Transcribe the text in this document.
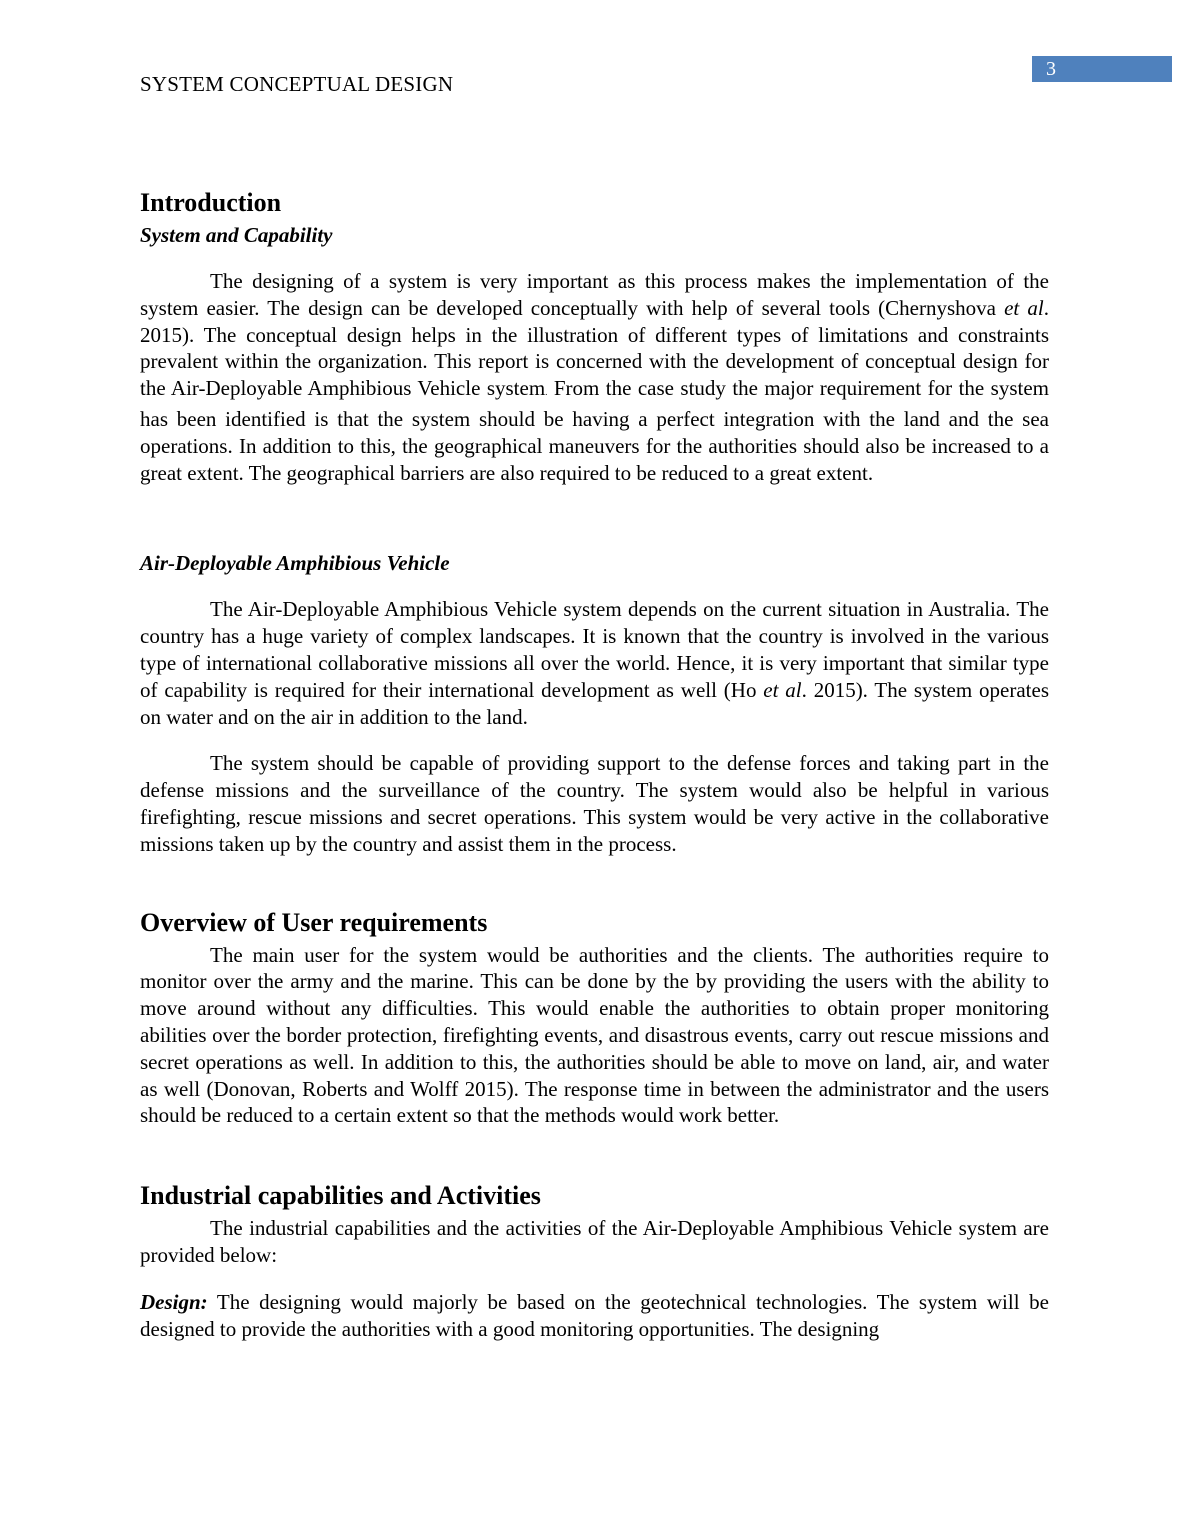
3
SYSTEM CONCEPTUAL DESIGN
Introduction
System and Capability

The designing of a system is very important as this process makes the implementation of the system easier. The design can be developed conceptually with help of several tools (Chernyshova et al. 2015). The conceptual design helps in the illustration of different types of limitations and constraints prevalent within the organization. This report is concerned with the development of conceptual design for the Air-Deployable Amphibious Vehicle system. From the case study the major requirement for the system has been identified is that the system should be having a perfect integration with the land and the sea operations. In addition to this, the geographical maneuvers for the authorities should also be increased to a great extent. The geographical barriers are also required to be reduced to a great extent.

Air-Deployable Amphibious Vehicle

The Air-Deployable Amphibious Vehicle system depends on the current situation in Australia. The country has a huge variety of complex landscapes. It is known that the country is involved in the various type of international collaborative missions all over the world. Hence, it is very important that similar type of capability is required for their international development as well (Ho et al. 2015). The system operates on water and on the air in addition to the land.

The system should be capable of providing support to the defense forces and taking part in the defense missions and the surveillance of the country. The system would also be helpful in various firefighting, rescue missions and secret operations. This system would be very active in the collaborative missions taken up by the country and assist them in the process.

Overview of User requirements

The main user for the system would be authorities and the clients. The authorities require to monitor over the army and the marine. This can be done by the by providing the users with the ability to move around without any difficulties. This would enable the authorities to obtain proper monitoring abilities over the border protection, firefighting events, and disastrous events, carry out rescue missions and secret operations as well. In addition to this, the authorities should be able to move on land, air, and water as well (Donovan, Roberts and Wolff 2015). The response time in between the administrator and the users should be reduced to a certain extent so that the methods would work better.

Industrial capabilities and Activities

The industrial capabilities and the activities of the Air-Deployable Amphibious Vehicle system are provided below:

Design: The designing would majorly be based on the geotechnical technologies. The system will be designed to provide the authorities with a good monitoring opportunities. The designing
